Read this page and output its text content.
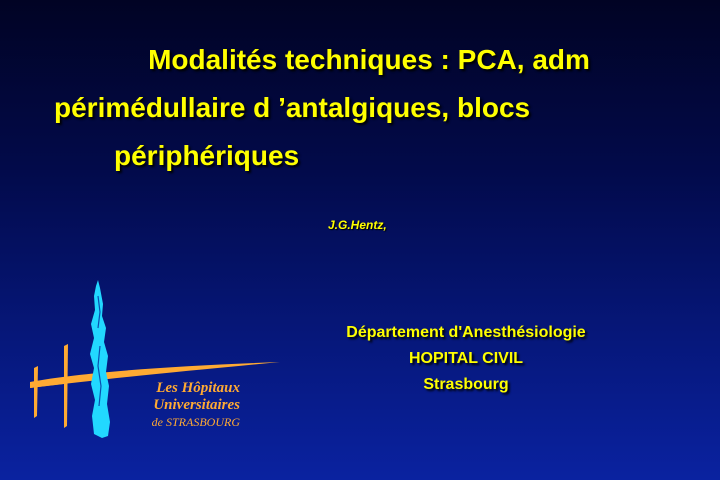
Modalités techniques : PCA, adm
périmédullaire d ’antalgiques, blocs
périphériques
J.G.Hentz,
Les Hôpitaux
Universitaires
de STRASBOURG
Département d'Anesthésiologie
HOPITAL CIVIL
Strasbourg
